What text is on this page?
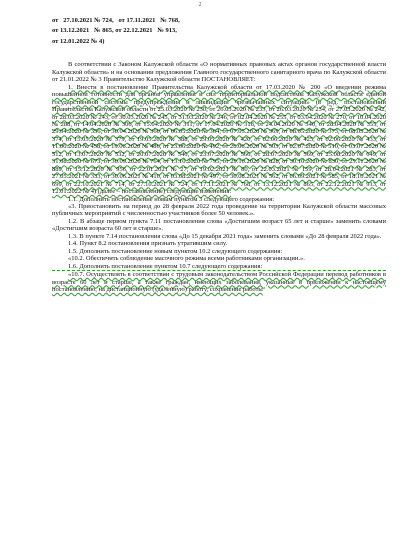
2
от   27.10.2021 № 724,   от 17.11.2021   № 768,
от 13.12.2021   № 865, от 22.12.2021   № 913,
от 12.01.2022 № 4)

В соответствии с Законом Калужской области «О нормативных правовых актах органов государственной власти Калужской области» и на основании предложения Главного государственного санитарного врача по Калужской области от 21.01.2022 № 3 Правительство Калужской области ПОСТАНОВЛЯЕТ:

1. Внести в постановление Правительства Калужской области от 17.03.2020 № 200 «О введении режима повышенной готовности для органов управления и сил территориальной подсистемы Калужской области единой государственной системы предупреждения и ликвидации чрезвычайных ситуаций» (в ред. постановлений Правительства Калужской области от 25.03.2020 № 230, от 26.03.2020 № 233, от 26.03.2020 № 234, от 27.03.2020 № 242, от 28.03.2020 № 243, от 30.03.2020 № 245, от 31.03.2020 № 246, от 02.04.2020 № 255, от 03.04.2020 № 270, от 10.04.2020 № 288, от 14.04.2020 № 306, от 15.04.2020 № 311, от 17.04.2020 № 318, от 24.04.2020 № 340, от 28.04.2020 № 355, от 29.04.2020 № 356, от 30.04.2020 № 360, от 06.05.2020 № 364, от 07.05.2020 № 369, от 08.05.2020 № 373, от 08.05.2020 № 374, от 15.05.2020 № 379, от 19.05.2020 № 388, от 29.05.2020 № 420, от 02.06.2020 № 425, от 02.06.2020 № 433, от 11.06.2020 № 458, от 19.06.2020 № 486, от 23.06.2020 № 492, от 26.06.2020 № 503, от 02.07.2020 № 510, от 03.07.2020 № 512, от 13.07.2020 № 532, от 20.07.2020 № 546, от 23.07.2020 № 566, от 28.07.2020 № 569, от 25.08.2020 № 649, от 31.08.2020 № 673, от 30.09.2020 № 764, от 13.10.2020 № 795, от 29.10.2020 № 828, от 30.10.2020 № 830, от 25.11.2020 № 889, от 15.12.2020 № 956, от 22.01.2021 № 27, от 19.02.2021 № 80, от 22.03.2021 № 159, от 28.04.2021 № 283, от 27.05.2021 № 333, от 30.06.2021 № 410, от 03.08.2021 № 497, от 30.08.2021 № 562, от 06.09.2021 № 585, от 18.10.2021 № 699, от 22.10.2021 № 714, от 27.10.2021 № 724, от 17.11.2021 № 768, от 13.12.2021 № 865, от 22.12.2021 № 913, от 12.01.2022 № 4) (далее – постановление) следующие изменения:

1.1. Дополнить постановление новым пунктом 3 следующего содержания:

«3. Приостановить на период до 28 февраля 2022 года проведение на территории Калужской области массовых публичных мероприятий с численностью участников более 50 человек.».

1.2. В абзаце первом пункта 7.11 постановления слова «Достигшим возраст 65 лет и старше» заменить словами «Достигшим возраста 60 лет и старше».

1.3. В пункте 7.14 постановления слова «До 15 декабря 2021 года» заменить словами «До 28 февраля 2022 года».

1.4. Пункт 8.2 постановления признать утратившим силу.

1.5. Дополнить постановление новым пунктом 10.2 следующего содержания:

«10.2. Обеспечить соблюдение масочного режима всеми работниками организации.».

1.6. Дополнить постановление пунктом 10.7 следующего содержания:

«10.7. Осуществлять в соответствии с трудовым законодательством Российской Федерации перевод работников в возрасте 60 лет и старше, а также граждан, имеющих заболевания, указанные в приложении к настоящему постановлению, на дистанционную (удаленную) работу, сохранение работы
